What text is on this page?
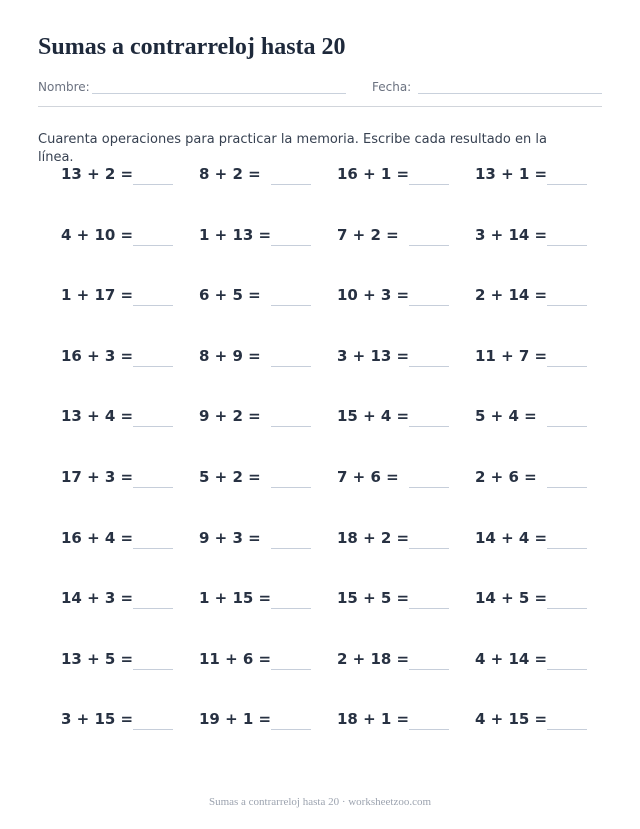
Sumas a contrarreloj hasta 20
Nombre:	Fecha:

Cuarenta operaciones para practicar la memoria. Escribe cada resultado en la línea.

13 + 2 =	8 + 2 =	16 + 1 =	13 + 1 =
4 + 10 =	1 + 13 =	7 + 2 =	3 + 14 =
1 + 17 =	6 + 5 =	10 + 3 =	2 + 14 =
16 + 3 =	8 + 9 =	3 + 13 =	11 + 7 =
13 + 4 =	9 + 2 =	15 + 4 =	5 + 4 =
17 + 3 =	5 + 2 =	7 + 6 =	2 + 6 =
16 + 4 =	9 + 3 =	18 + 2 =	14 + 4 =
14 + 3 =	1 + 15 =	15 + 5 =	14 + 5 =
13 + 5 =	11 + 6 =	2 + 18 =	4 + 14 =
3 + 15 =	19 + 1 =	18 + 1 =	4 + 15 =
Sumas a contrarreloj hasta 20 · worksheetzoo.com
